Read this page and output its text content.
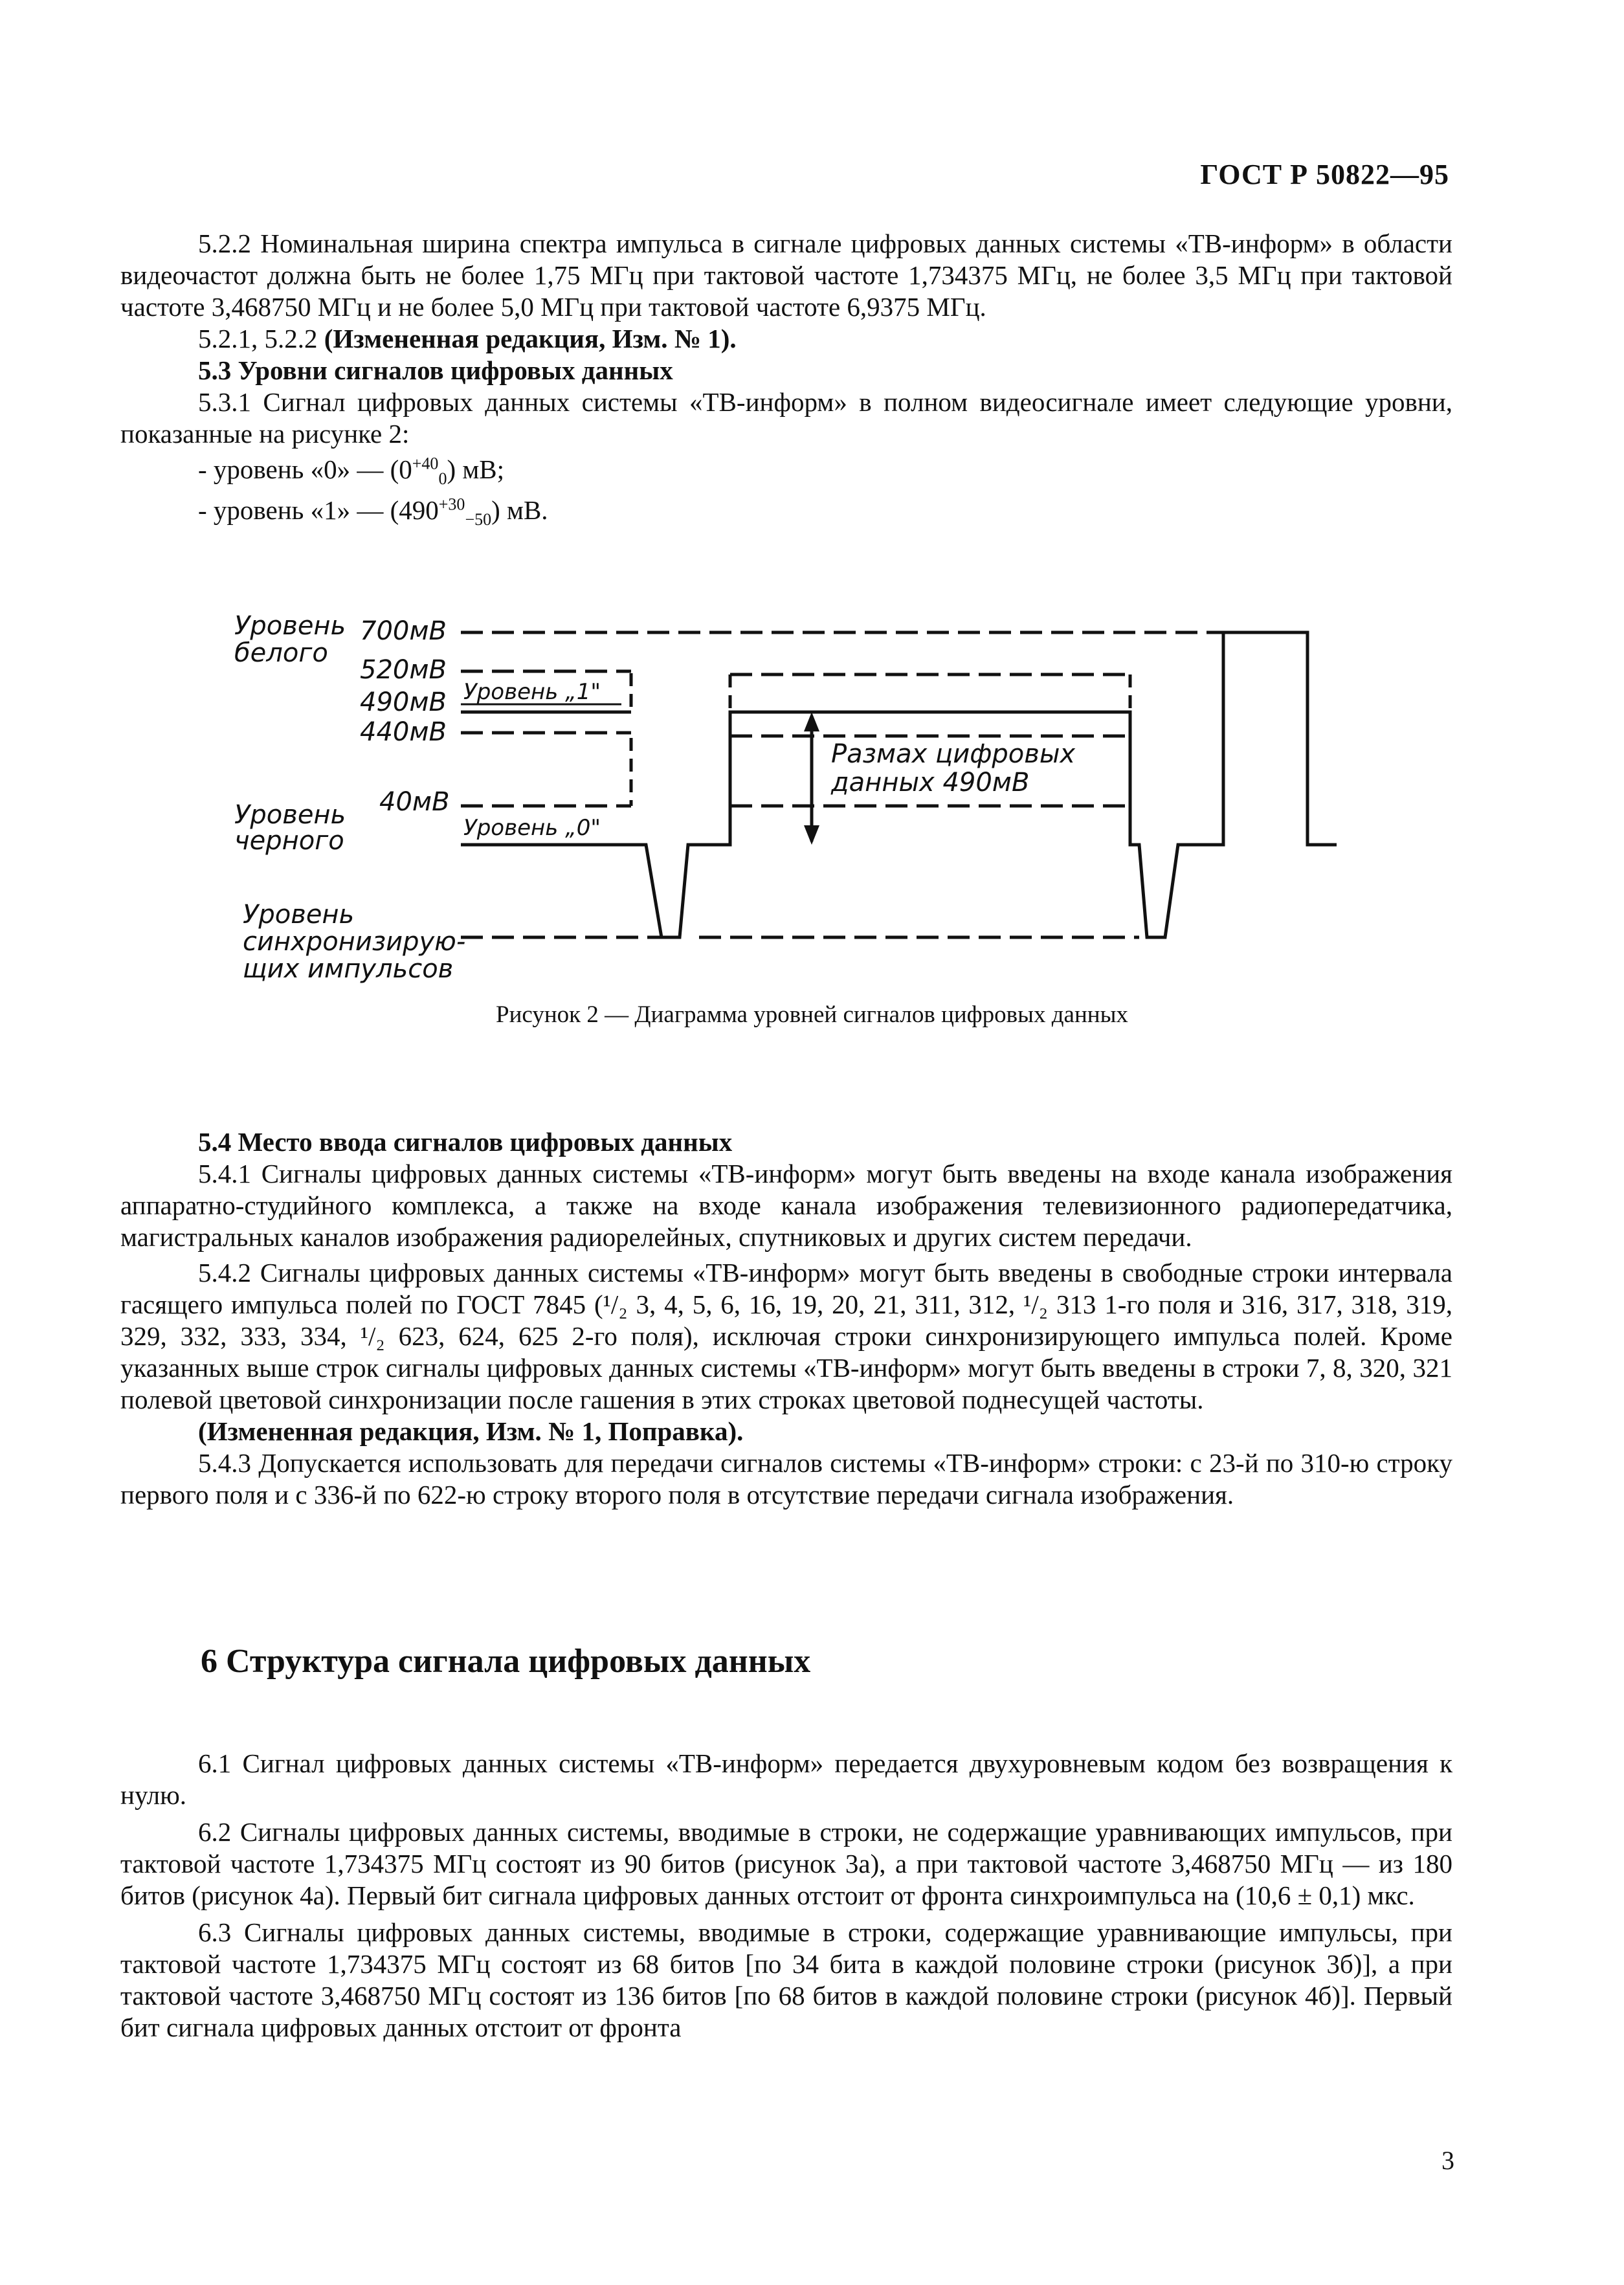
ГОСТ Р 50822—95

5.2.2 Номинальная ширина спектра импульса в сигнале цифровых данных системы «ТВ-информ» в области видеочастот должна быть не более 1,75 МГц при тактовой частоте 1,734375 МГц, не более 3,5 МГц при тактовой частоте 3,468750 МГц и не более 5,0 МГц при тактовой частоте 6,9375 МГц.

5.2.1, 5.2.2 (Измененная редакция, Изм. № 1).

5.3 Уровни сигналов цифровых данных

5.3.1 Сигнал цифровых данных системы «ТВ-информ» в полном видеосигнале имеет следующие уровни, показанные на рисунке 2:

- уровень «0» — $(0^{+40}_0)$ мВ;

- уровень «1» — $(490^{+30}_{-50})$ мВ.

Уровень
белого
Уровень
черного
Уровень
синхронизирую-
щих импульсов
700мВ
520мВ
490мВ
440мВ
40мВ
Уровень „1"
Уровень „0"
Размах цифровых
данных 490мВ
Рисунок 2 — Диаграмма уровней сигналов цифровых данных

5.4 Место ввода сигналов цифровых данных

5.4.1 Сигналы цифровых данных системы «ТВ-информ» могут быть введены на входе канала изображения аппаратно-студийного комплекса, а также на входе канала изображения телевизионного радиопередатчика, магистральных каналов изображения радиорелейных, спутниковых и других систем передачи.

5.4.2 Сигналы цифровых данных системы «ТВ-информ» могут быть введены в свободные строки интервала гасящего импульса полей по ГОСТ 7845 (¹/₂ 3, 4, 5, 6, 16, 19, 20, 21, 311, 312, ¹/₂ 313 1-го поля и 316, 317, 318, 319, 329, 332, 333, 334, ¹/₂ 623, 624, 625 2-го поля), исключая строки синхронизирующего импульса полей. Кроме указанных выше строк сигналы цифровых данных системы «ТВ-информ» могут быть введены в строки 7, 8, 320, 321 полевой цветовой синхронизации после гашения в этих строках цветовой поднесущей частоты.

(Измененная редакция, Изм. № 1, Поправка).

5.4.3 Допускается использовать для передачи сигналов системы «ТВ-информ» строки: с 23-й по 310-ю строку первого поля и с 336-й по 622-ю строку второго поля в отсутствие передачи сигнала изображения.

6 Структура сигнала цифровых данных

6.1 Сигнал цифровых данных системы «ТВ-информ» передается двухуровневым кодом без возвращения к нулю.

6.2 Сигналы цифровых данных системы, вводимые в строки, не содержащие уравнивающих импульсов, при тактовой частоте 1,734375 МГц состоят из 90 битов (рисунок 3а), а при тактовой частоте 3,468750 МГц — из 180 битов (рисунок 4а). Первый бит сигнала цифровых данных отстоит от фронта синхроимпульса на (10,6 ± 0,1) мкс.

6.3 Сигналы цифровых данных системы, вводимые в строки, содержащие уравнивающие импульсы, при тактовой частоте 1,734375 МГц состоят из 68 битов [по 34 бита в каждой половине строки (рисунок 3б)], а при тактовой частоте 3,468750 МГц состоят из 136 битов [по 68 битов в каждой половине строки (рисунок 4б)]. Первый бит сигнала цифровых данных отстоит от фронта

3
